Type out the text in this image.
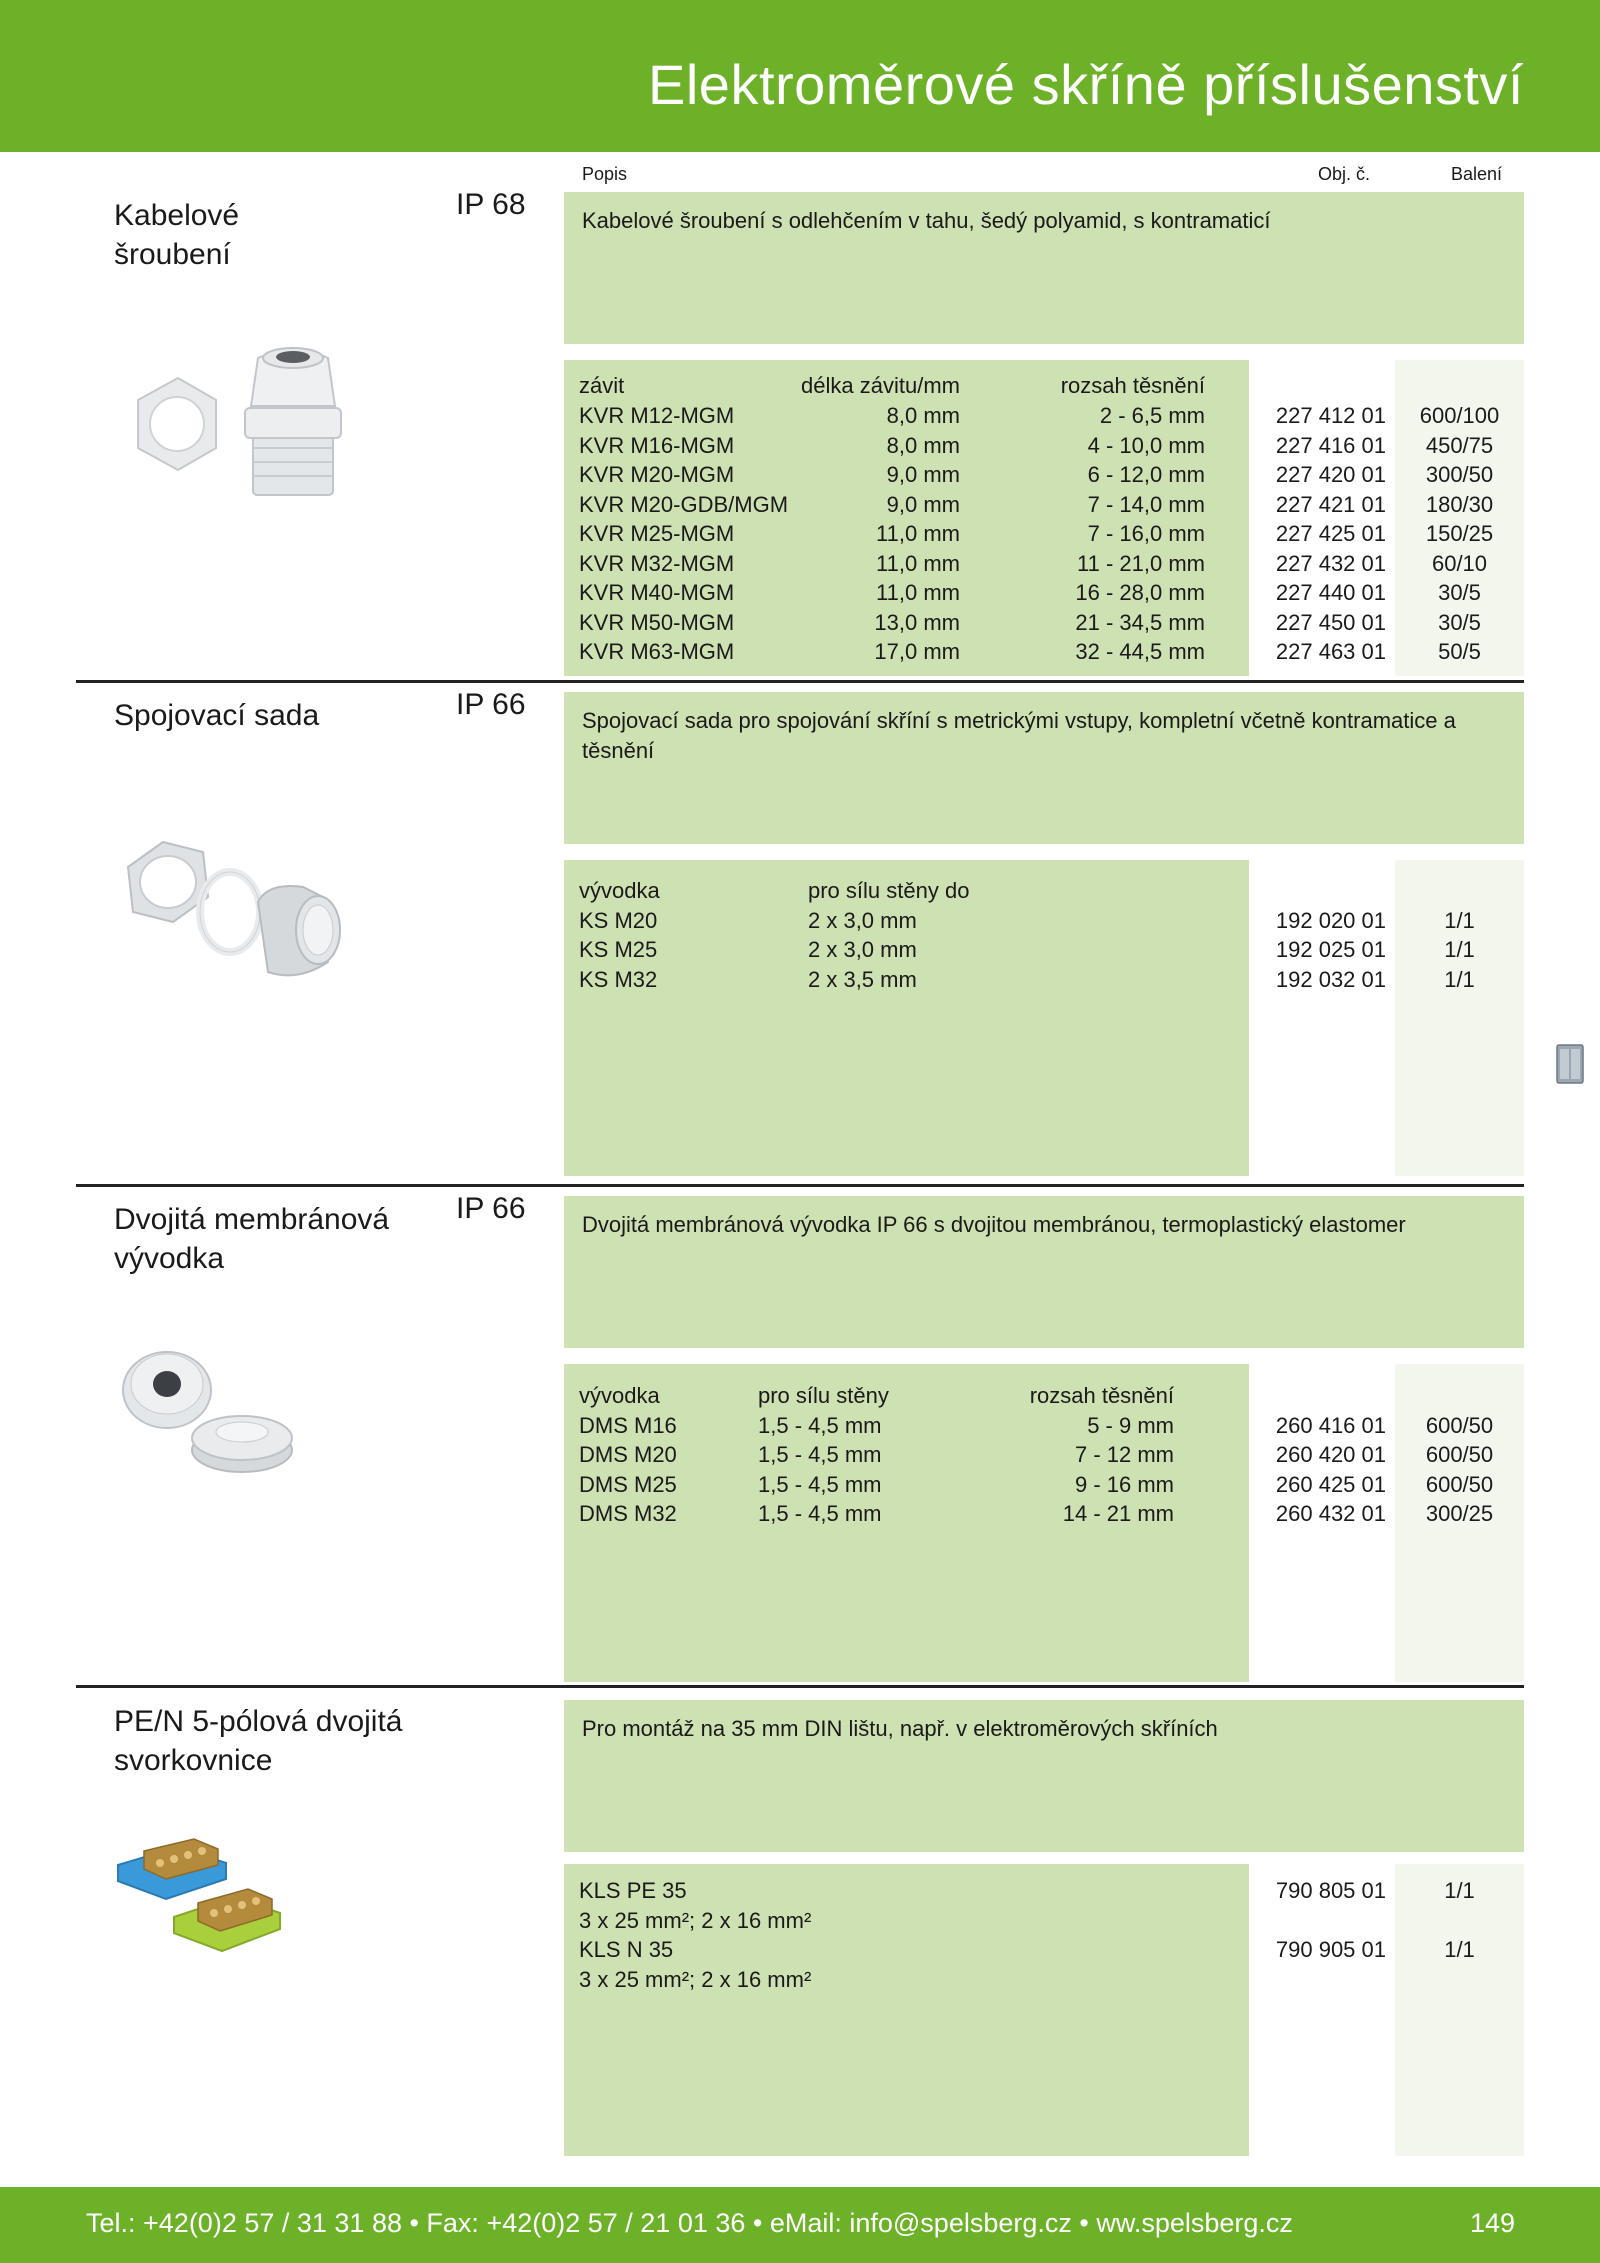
Elektroměrové skříně příslušenství
Popis	Obj. č.	Balení
Kabelové šroubení
IP 68	Kabelové šroubení s odlehčením v tahu, šedý polyamid, s kontramaticí
závit	délka závitu/mm	rozsah těsnění
KVR M12-MGM	8,0 mm	2 - 6,5 mm	227 412 01	600/100
KVR M16-MGM	8,0 mm	4 - 10,0 mm	227 416 01	450/75
KVR M20-MGM	9,0 mm	6 - 12,0 mm	227 420 01	300/50
KVR M20-GDB/MGM	9,0 mm	7 - 14,0 mm	227 421 01	180/30
KVR M25-MGM	11,0 mm	7 - 16,0 mm	227 425 01	150/25
KVR M32-MGM	11,0 mm	11 - 21,0 mm	227 432 01	60/10
KVR M40-MGM	11,0 mm	16 - 28,0 mm	227 440 01	30/5
KVR M50-MGM	13,0 mm	21 - 34,5 mm	227 450 01	30/5
KVR M63-MGM	17,0 mm	32 - 44,5 mm	227 463 01	50/5
Spojovací sada	IP 66	Spojovací sada pro spojování skříní s metrickými vstupy, kompletní včetně kontramatice a těsnění
vývodka	pro sílu stěny do
KS M20	2 x 3,0 mm	192 020 01	1/1
KS M25	2 x 3,0 mm	192 025 01	1/1
KS M32	2 x 3,5 mm	192 032 01	1/1
Dvojitá membránová vývodka
IP 66	Dvojitá membránová vývodka IP 66 s dvojitou membránou, termoplastický elastomer
vývodka	pro sílu stěny	rozsah těsnění
DMS M16	1,5 - 4,5 mm	5 - 9 mm	260 416 01	600/50
DMS M20	1,5 - 4,5 mm	7 - 12 mm	260 420 01	600/50
DMS M25	1,5 - 4,5 mm	9 - 16 mm	260 425 01	600/50
DMS M32	1,5 - 4,5 mm	14 - 21 mm	260 432 01	300/25
PE/N 5-pólová dvojitá svorkovnice
Pro montáž na 35 mm DIN lištu, např. v elektroměrových skříních
KLS PE 35
3 x 25 mm²; 2 x 16 mm²
790 805 01	1/1
KLS N 35
3 x 25 mm²; 2 x 16 mm²
790 905 01	1/1
Tel.: +42(0)2 57 / 31 31 88 • Fax: +42(0)2 57 / 21 01 36 • eMail: info@spelsberg.cz • ww.spelsberg.cz	149
